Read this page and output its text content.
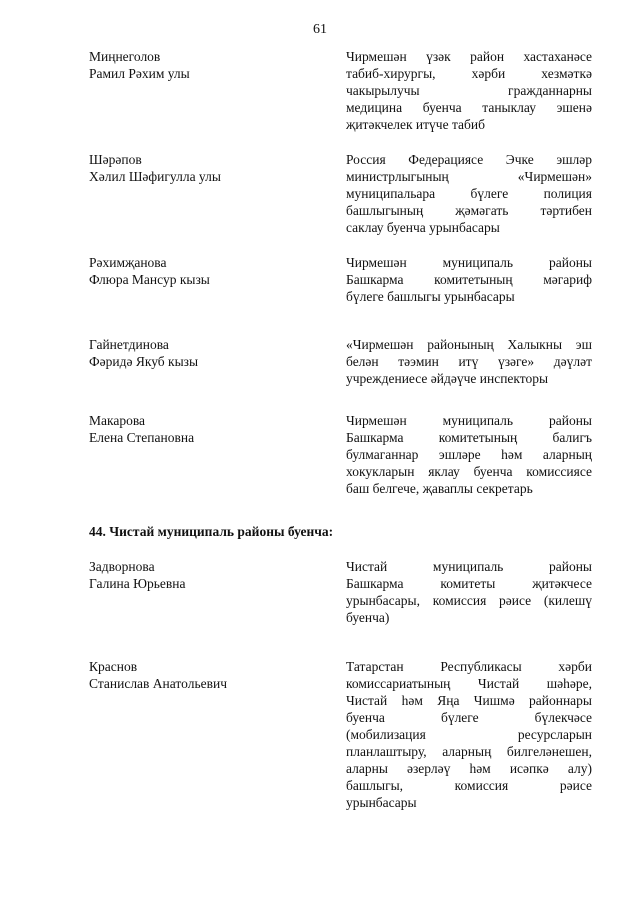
61
Миңнеголов
Рамил Рәхим улы
Чирмешән үзәк район хастаханәсе
табиб-хирургы, хәрби хезмәткә
чакырылучы гражданнарны
медицина буенча таныклау эшенә
җитәкчелек итүче табиб
Шәрәпов
Хәлил Шәфигулла улы
Россия Федерациясе Эчке эшләр
министрлыгының «Чирмешән»
муниципальара бүлеге полиция
башлыгының җәмәгать тәртибен
саклау буенча урынбасары
Рәхимҗанова
Флюра Мансур кызы
Чирмешән муниципаль районы
Башкарма комитетының мәгариф
бүлеге башлыгы урынбасары
Гайнетдинова
Фәридә Якуб кызы
«Чирмешән районының Халыкны эш
белән тәэмин итү үзәге» дәүләт
учреждениесе әйдәүче инспекторы
Макарова
Елена Степановна
Чирмешән муниципаль районы
Башкарма комитетының балигъ
булмаганнар эшләре һәм аларның
хокукларын яклау буенча комиссиясе
баш белгече, җаваплы секретарь
44. Чистай муниципаль районы буенча:
Задворнова
Галина Юрьевна
Чистай муниципаль районы
Башкарма комитеты җитәкчесе
урынбасары, комиссия рәисе (килешү
буенча)
Краснов
Станислав Анатольевич
Татарстан Республикасы хәрби
комиссариатының Чистай шәһәре,
Чистай һәм Яңа Чишмә районнары
буенча бүлеге бүлекчәсе
(мобилизация ресурсларын
планлаштыру, аларның билгеләнешен,
аларны әзерләү һәм исәпкә алу)
башлыгы, комиссия рәисе
урынбасары
